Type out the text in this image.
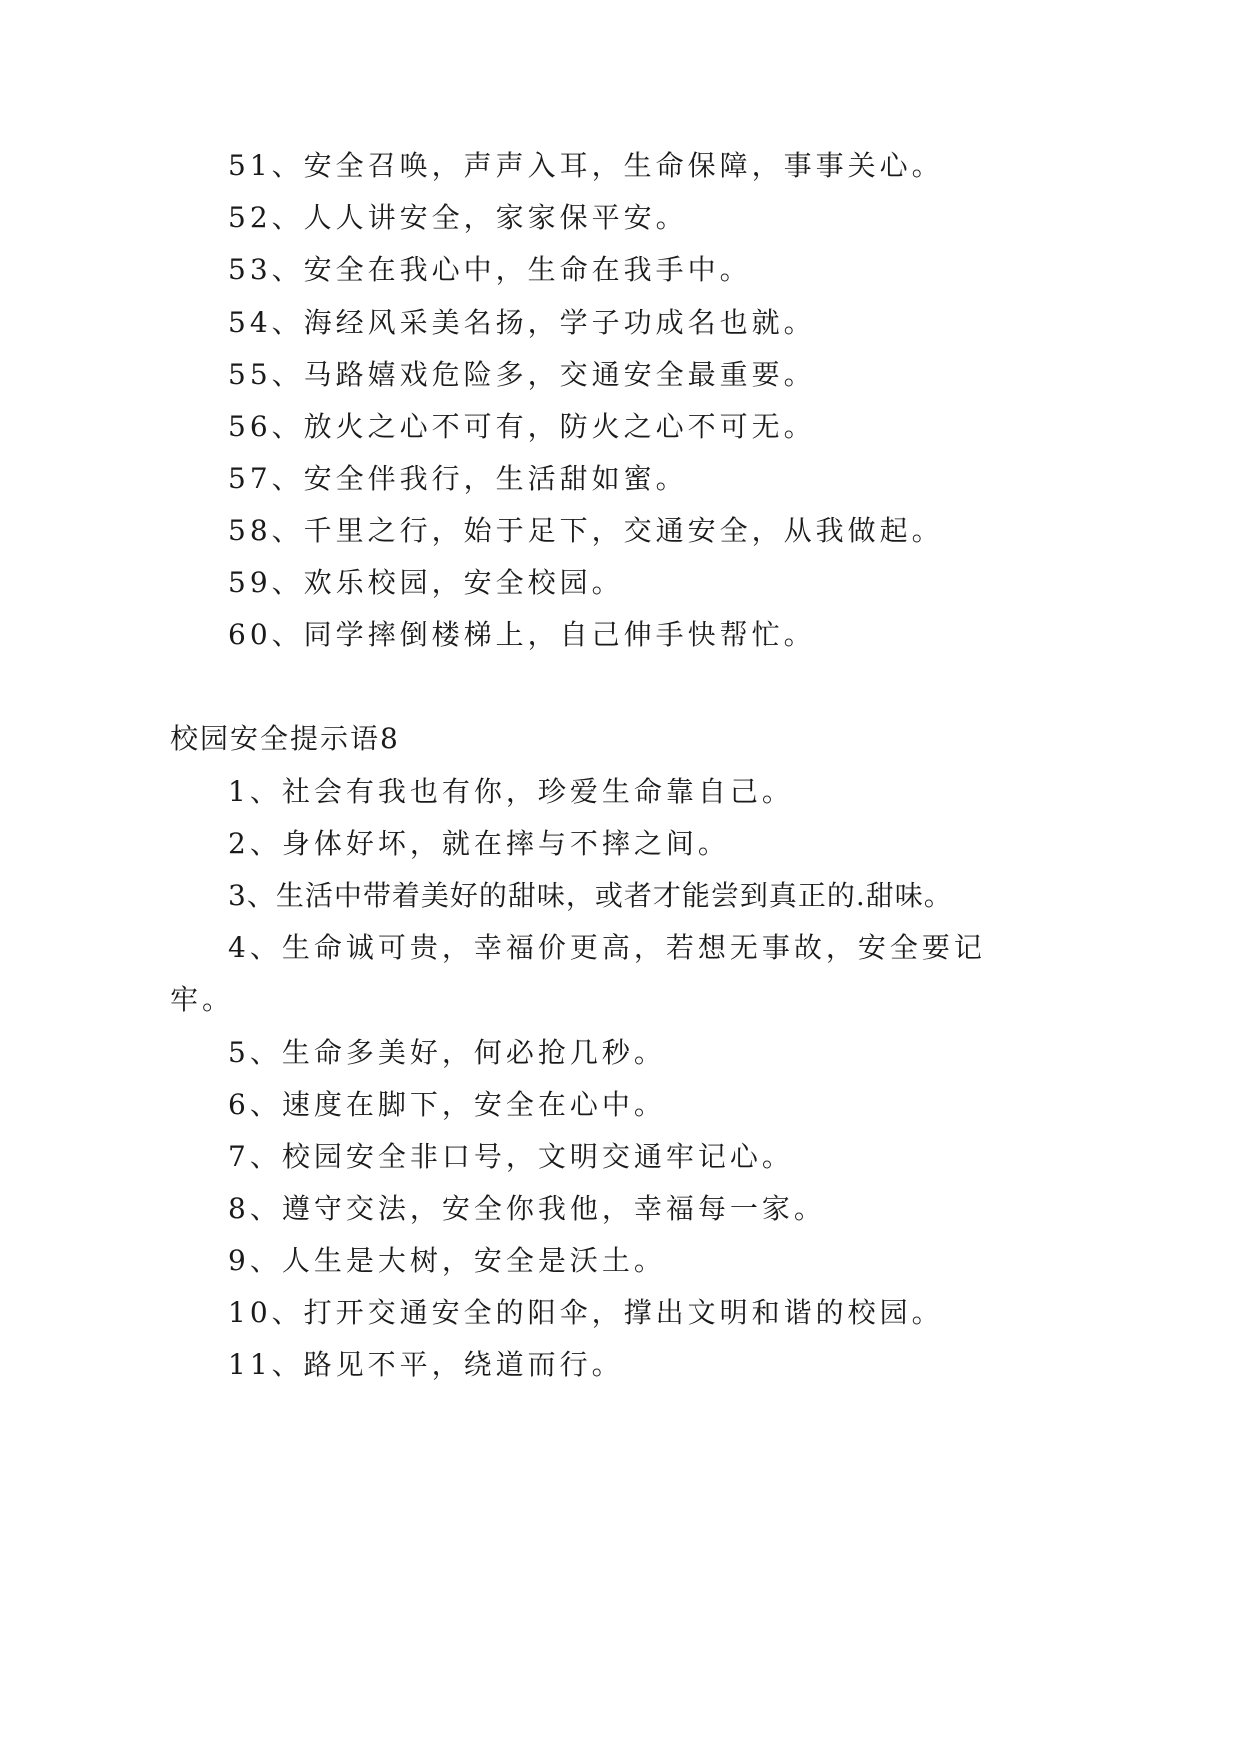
51、安全召唤，声声入耳，生命保障，事事关心。
52、人人讲安全，家家保平安。
53、安全在我心中，生命在我手中。
54、海经风采美名扬，学子功成名也就。
55、马路嬉戏危险多，交通安全最重要。
56、放火之心不可有，防火之心不可无。
57、安全伴我行，生活甜如蜜。
58、千里之行，始于足下，交通安全，从我做起。
59、欢乐校园，安全校园。
60、同学摔倒楼梯上，自己伸手快帮忙。
校园安全提示语8
1、社会有我也有你，珍爱生命靠自己。
2、身体好坏，就在摔与不摔之间。
3、生活中带着美好的甜味，或者才能尝到真正的.甜味。
4、生命诚可贵，幸福价更高，若想无事故，安全要记
牢。
5、生命多美好，何必抢几秒。
6、速度在脚下，安全在心中。
7、校园安全非口号，文明交通牢记心。
8、遵守交法，安全你我他，幸福每一家。
9、人生是大树，安全是沃土。
10、打开交通安全的阳伞，撑出文明和谐的校园。
11、路见不平，绕道而行。
